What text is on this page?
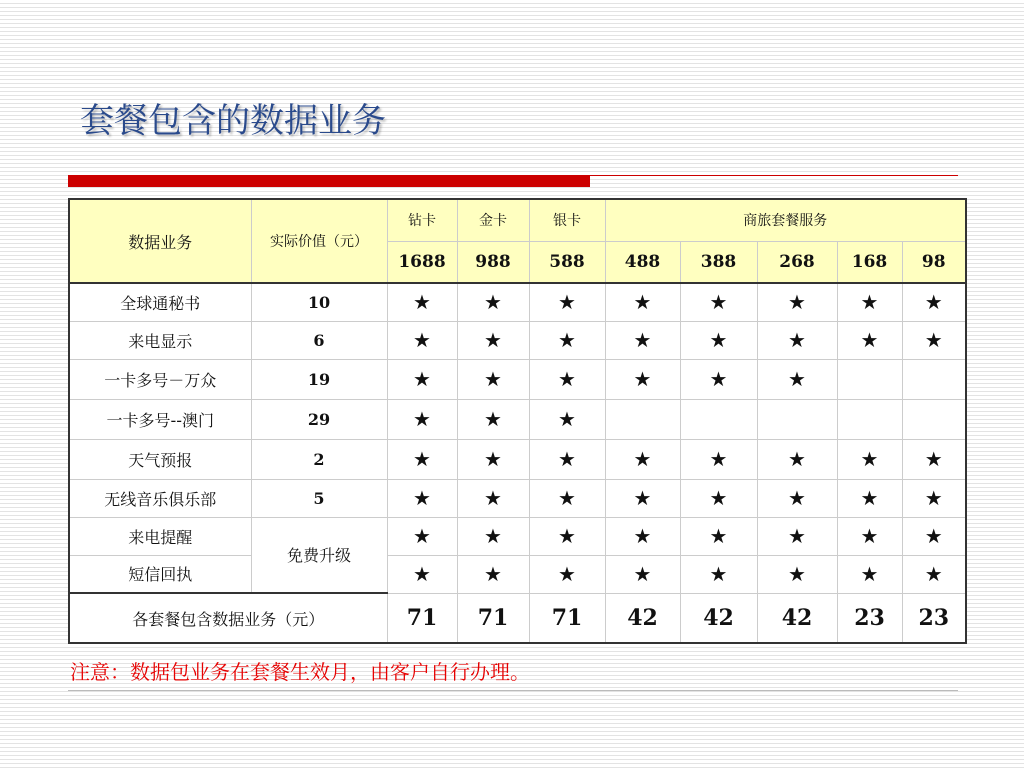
套餐包含的数据业务
数据业务	实际价值（元）	钻卡	金卡	银卡	商旅套餐服务				
		1688	988	588	488	388	268	168	98
全球通秘书	10	★	★	★	★	★	★	★	★
来电显示	6	★	★	★	★	★	★	★	★
一卡多号－万众	19	★	★	★	★	★	★		
一卡多号--澳门	29	★	★	★					
天气预报	2	★	★	★	★	★	★	★	★
无线音乐俱乐部	5	★	★	★	★	★	★	★	★
来电提醒	免费升级	★	★	★	★	★	★	★	★
短信回执		★	★	★	★	★	★	★	★
各套餐包含数据业务（元）		71	71	71	42	42	42	23	23
注意：数据包业务在套餐生效月，由客户自行办理。
